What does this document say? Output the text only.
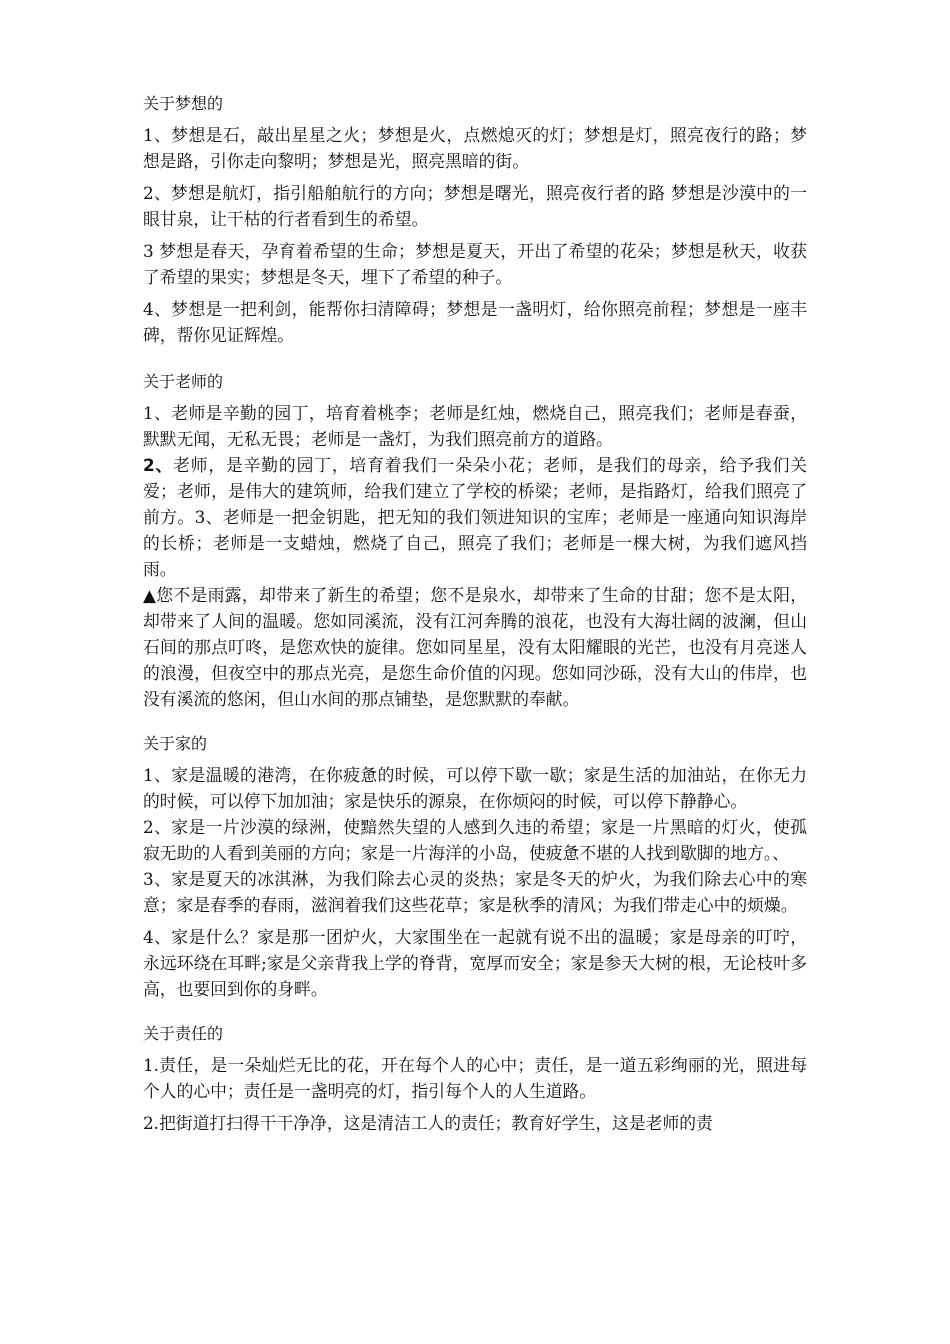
关于梦想的

1、梦想是石，敲出星星之火；梦想是火，点燃熄灭的灯；梦想是灯，照亮夜行的路；梦想是路，引你走向黎明；梦想是光，照亮黑暗的街。

2、梦想是航灯，指引船舶航行的方向；梦想是曙光，照亮夜行者的路 梦想是沙漠中的一眼甘泉，让干枯的行者看到生的希望。

3 梦想是春天，孕育着希望的生命；梦想是夏天，开出了希望的花朵；梦想是秋天，收获了希望的果实；梦想是冬天，埋下了希望的种子。

4、梦想是一把利剑，能帮你扫清障碍；梦想是一盏明灯，给你照亮前程；梦想是一座丰碑，帮你见证辉煌。

关于老师的

1、老师是辛勤的园丁，培育着桃李；老师是红烛，燃烧自己，照亮我们；老师是春蚕，默默无闻，无私无畏；老师是一盏灯，为我们照亮前方的道路。

2、老师，是辛勤的园丁，培育着我们一朵朵小花；老师，是我们的母亲，给予我们关爱；老师，是伟大的建筑师，给我们建立了学校的桥梁；老师，是指路灯，给我们照亮了前方。3、老师是一把金钥匙，把无知的我们领进知识的宝库；老师是一座通向知识海岸的长桥；老师是一支蜡烛，燃烧了自己，照亮了我们；老师是一棵大树，为我们遮风挡雨。

▲您不是雨露，却带来了新生的希望；您不是泉水，却带来了生命的甘甜；您不是太阳，却带来了人间的温暖。您如同溪流，没有江河奔腾的浪花，也没有大海壮阔的波澜，但山石间的那点叮咚，是您欢快的旋律。您如同星星，没有太阳耀眼的光芒，也没有月亮迷人的浪漫，但夜空中的那点光亮，是您生命价值的闪现。您如同沙砾，没有大山的伟岸，也没有溪流的悠闲，但山水间的那点铺垫，是您默默的奉献。

关于家的

1、家是温暖的港湾，在你疲惫的时候，可以停下歇一歇；家是生活的加油站，在你无力的时候，可以停下加加油；家是快乐的源泉，在你烦闷的时候，可以停下静静心。

2、家是一片沙漠的绿洲，使黯然失望的人感到久违的希望；家是一片黑暗的灯火，使孤寂无助的人看到美丽的方向；家是一片海洋的小岛，使疲惫不堪的人找到歇脚的地方。、

3、家是夏天的冰淇淋，为我们除去心灵的炎热；家是冬天的炉火，为我们除去心中的寒意；家是春季的春雨，滋润着我们这些花草；家是秋季的清风；为我们带走心中的烦燥。

4、家是什么？家是那一团炉火，大家围坐在一起就有说不出的温暖；家是母亲的叮咛，永远环绕在耳畔;家是父亲背我上学的脊背，宽厚而安全；家是参天大树的根，无论枝叶多高，也要回到你的身畔。

关于责任的

1.责任，是一朵灿烂无比的花，开在每个人的心中；责任，是一道五彩绚丽的光，照进每个人的心中；责任是一盏明亮的灯，指引每个人的人生道路。

2.把街道打扫得干干净净，这是清洁工人的责任；教育好学生，这是老师的责
